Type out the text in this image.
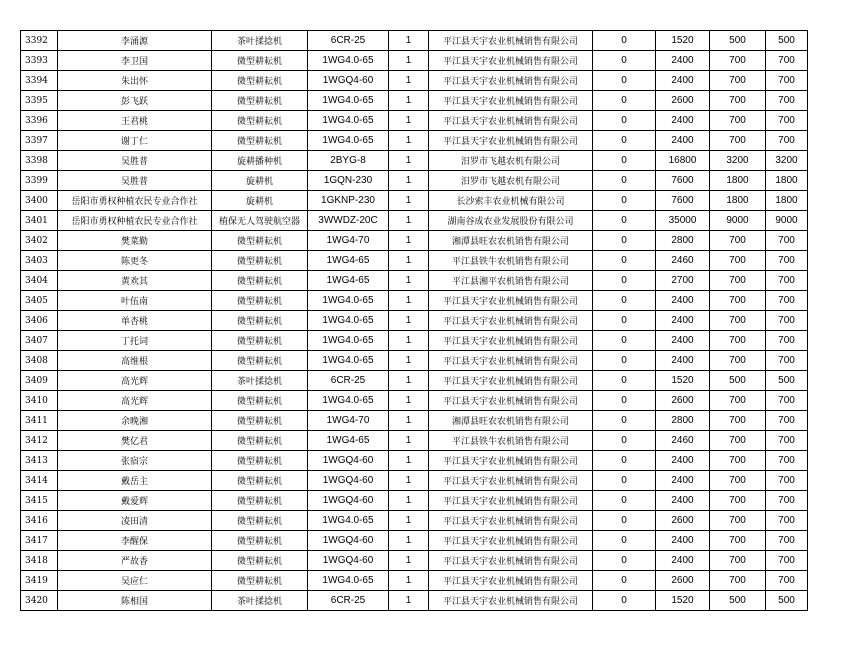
3392	李涌源	茶叶揉捻机	6CR-25	1	平江县天宇农业机械销售有限公司	0	1520	500	500
3393	李卫国	微型耕耘机	1WG4.0-65	1	平江县天宇农业机械销售有限公司	0	2400	700	700
3394	朱出怀	微型耕耘机	1WGQ4-60	1	平江县天宇农业机械销售有限公司	0	2400	700	700
3395	彭飞跃	微型耕耘机	1WG4.0-65	1	平江县天宇农业机械销售有限公司	0	2600	700	700
3396	王君桃	微型耕耘机	1WG4.0-65	1	平江县天宇农业机械销售有限公司	0	2400	700	700
3397	谢丁仁	微型耕耘机	1WG4.0-65	1	平江县天宇农业机械销售有限公司	0	2400	700	700
3398	吴胜普	旋耕播种机	2BYG-8	1	汨罗市飞越农机有限公司	0	16800	3200	3200
3399	吴胜普	旋耕机	1GQN-230	1	汨罗市飞越农机有限公司	0	7600	1800	1800
3400	岳阳市勇权种植农民专业合作社	旋耕机	1GKNP-230	1	长沙索丰农业机械有限公司	0	7600	1800	1800
3401	岳阳市勇权种植农民专业合作社	植保无人驾驶航空器	3WWDZ-20C	1	湖南谷成农业发展股份有限公司	0	35000	9000	9000
3402	樊菜勤	微型耕耘机	1WG4-70	1	湘潭县旺农农机销售有限公司	0	2800	700	700
3403	陈更冬	微型耕耘机	1WG4-65	1	平江县铁牛农机销售有限公司	0	2460	700	700
3404	黄欢其	微型耕耘机	1WG4-65	1	平江县湘平农机销售有限公司	0	2700	700	700
3405	叶伍南	微型耕耘机	1WG4.0-65	1	平江县天宇农业机械销售有限公司	0	2400	700	700
3406	单杏桃	微型耕耘机	1WG4.0-65	1	平江县天宇农业机械销售有限公司	0	2400	700	700
3407	丁托词	微型耕耘机	1WG4.0-65	1	平江县天宇农业机械销售有限公司	0	2400	700	700
3408	高维根	微型耕耘机	1WG4.0-65	1	平江县天宇农业机械销售有限公司	0	2400	700	700
3409	高光辉	茶叶揉捻机	6CR-25	1	平江县天宇农业机械销售有限公司	0	1520	500	500
3410	高光辉	微型耕耘机	1WG4.0-65	1	平江县天宇农业机械销售有限公司	0	2600	700	700
3411	余晚湘	微型耕耘机	1WG4-70	1	湘潭县旺农农机销售有限公司	0	2800	700	700
3412	樊亿君	微型耕耘机	1WG4-65	1	平江县铁牛农机销售有限公司	0	2460	700	700
3413	张宿宗	微型耕耘机	1WGQ4-60	1	平江县天宇农业机械销售有限公司	0	2400	700	700
3414	戴岳主	微型耕耘机	1WGQ4-60	1	平江县天宇农业机械销售有限公司	0	2400	700	700
3415	戴爱辉	微型耕耘机	1WGQ4-60	1	平江县天宇农业机械销售有限公司	0	2400	700	700
3416	凌田清	微型耕耘机	1WG4.0-65	1	平江县天宇农业机械销售有限公司	0	2600	700	700
3417	李醒保	微型耕耘机	1WGQ4-60	1	平江县天宇农业机械销售有限公司	0	2400	700	700
3418	严故香	微型耕耘机	1WGQ4-60	1	平江县天宇农业机械销售有限公司	0	2400	700	700
3419	吴应仁	微型耕耘机	1WG4.0-65	1	平江县天宇农业机械销售有限公司	0	2600	700	700
3420	陈相国	茶叶揉捻机	6CR-25	1	平江县天宇农业机械销售有限公司	0	1520	500	500
